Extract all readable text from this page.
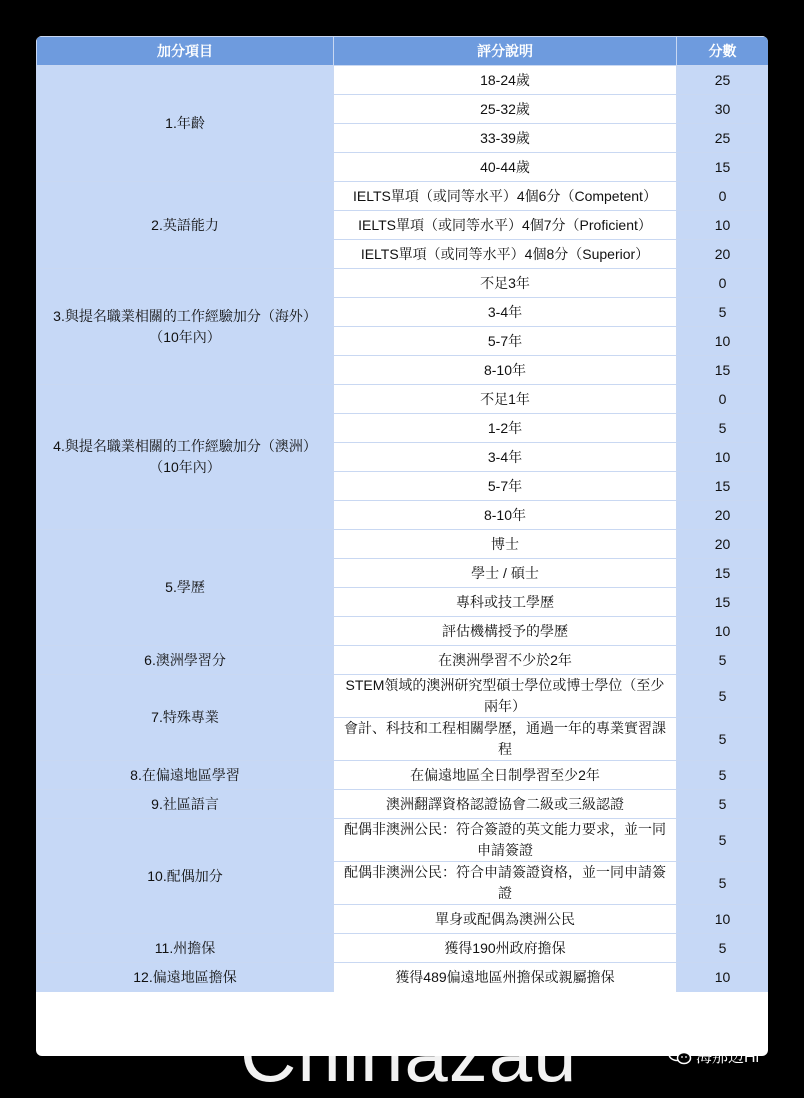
加分項目	評分說明	分數
1.年齡	18-24歲	25
	25-32歲	30
	33-39歲	25
	40-44歲	15
2.英語能力	IELTS單項（或同等水平）4個6分（Competent）	0
	IELTS單項（或同等水平）4個7分（Proficient）	10
	IELTS單項（或同等水平）4個8分（Superior）	20
3.與提名職業相關的工作經驗加分（海外）（10年內）	不足3年	0
	3-4年	5
	5-7年	10
	8-10年	15
4.與提名職業相關的工作經驗加分（澳洲）（10年內）	不足1年	0
	1-2年	5
	3-4年	10
	5-7年	15
	8-10年	20
5.學歷	博士	20
	學士 / 碩士	15
	專科或技工學歷	15
	評估機構授予的學歷	10
6.澳洲學習分	在澳洲學習不少於2年	5
7.特殊專業	STEM領域的澳洲研究型碩士學位或博士學位（至少兩年）	5
	會計、科技和工程相關學歷，通過一年的專業實習課程	5
8.在偏遠地區學習	在偏遠地區全日制學習至少2年	5
9.社區語言	澳洲翻譯資格認證協會二級或三級認證	5
10.配偶加分	配偶非澳洲公民：符合簽證的英文能力要求，並一同申請簽證	5
	配偶非澳洲公民：符合申請簽證資格，並一同申請簽證	5
	單身或配偶為澳洲公民	10
11.州擔保	獲得190州政府擔保	5
12.偏遠地區擔保	獲得489偏遠地區州擔保或親屬擔保	10
Chinazau	海那边Hi
